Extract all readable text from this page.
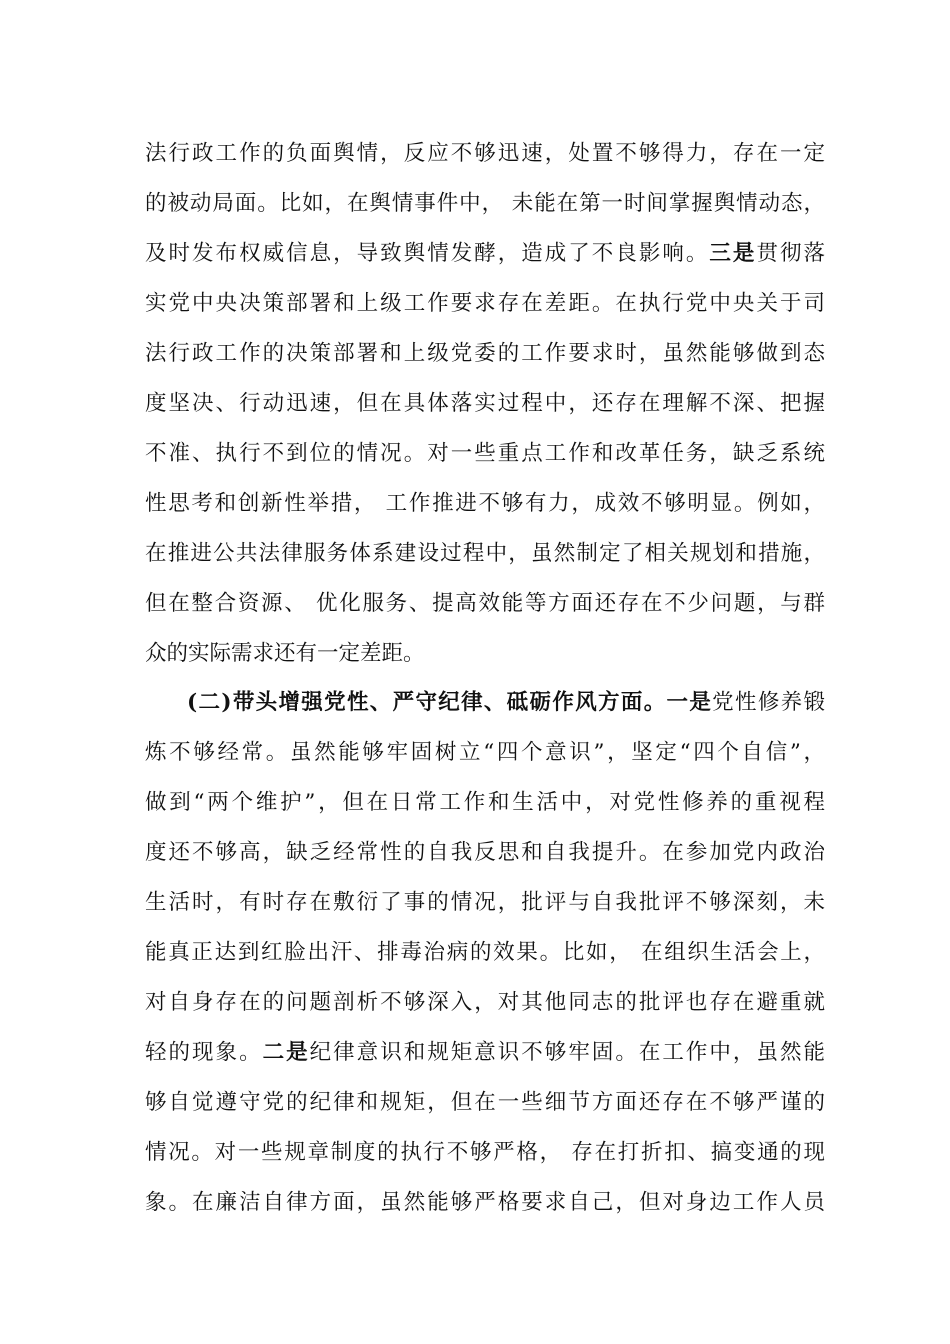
法行政工作的负面舆情，反应不够迅速，处置不够得力，存在一定
的被动局面。比如，在舆情事件中， 未能在第一时间掌握舆情动态，
及时发布权威信息，导致舆情发酵，造成了不良影响。三是贯彻落
实党中央决策部署和上级工作要求存在差距。在执行党中央关于司
法行政工作的决策部署和上级党委的工作要求时，虽然能够做到态
度坚决、行动迅速，但在具体落实过程中，还存在理解不深、把握
不准、执行不到位的情况。对一些重点工作和改革任务，缺乏系统
性思考和创新性举措， 工作推进不够有力，成效不够明显。例如，
在推进公共法律服务体系建设过程中，虽然制定了相关规划和措施，
但在整合资源、 优化服务、提高效能等方面还存在不少问题，与群
众的实际需求还有一定差距。
(二)带头增强党性、严守纪律、砥砺作风方面。一是党性修养锻
炼不够经常。虽然能够牢固树立“四个意识”，坚定“四个自信”，
做到“两个维护”，但在日常工作和生活中，对党性修养的重视程
度还不够高，缺乏经常性的自我反思和自我提升。在参加党内政治
生活时，有时存在敷衍了事的情况，批评与自我批评不够深刻，未
能真正达到红脸出汗、排毒治病的效果。比如， 在组织生活会上，
对自身存在的问题剖析不够深入，对其他同志的批评也存在避重就
轻的现象。二是纪律意识和规矩意识不够牢固。在工作中，虽然能
够自觉遵守党的纪律和规矩，但在一些细节方面还存在不够严谨的
情况。对一些规章制度的执行不够严格， 存在打折扣、搞变通的现
象。在廉洁自律方面，虽然能够严格要求自己，但对身边工作人员
